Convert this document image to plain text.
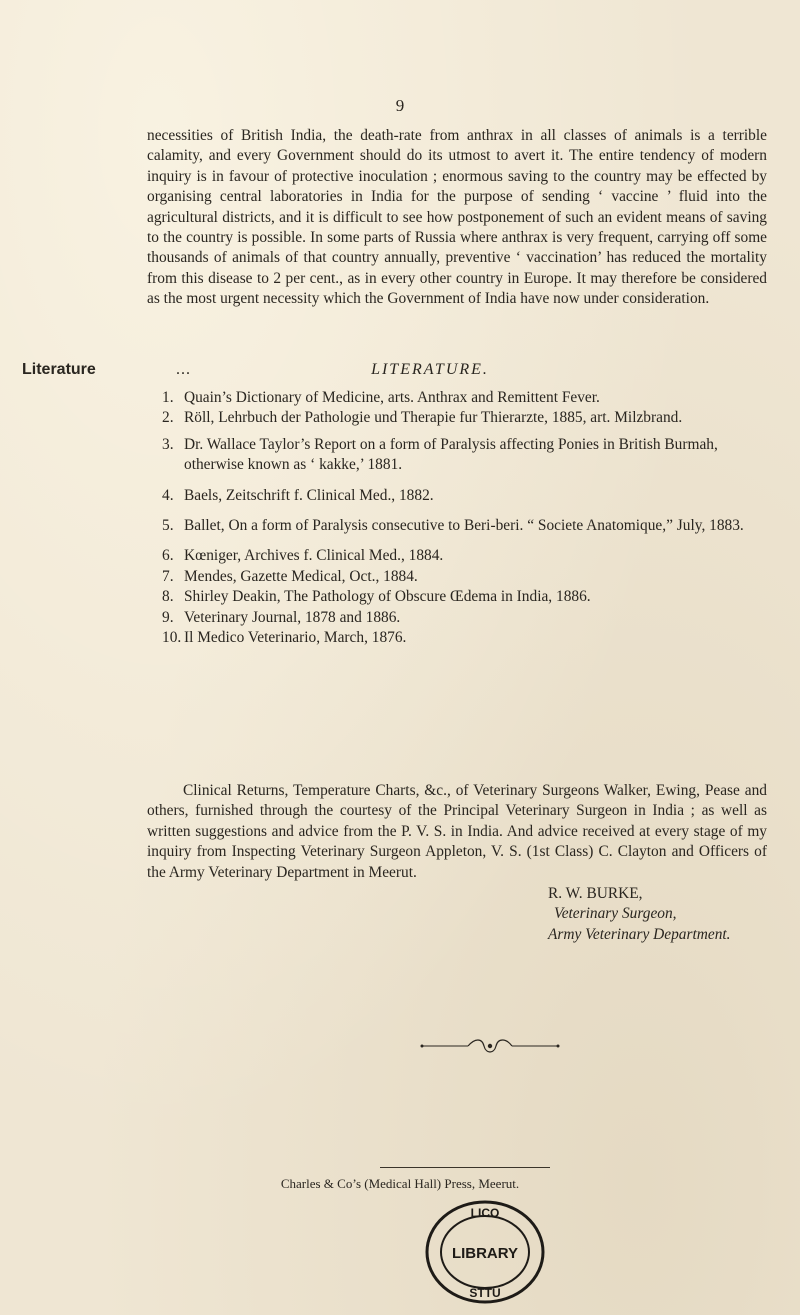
9

necessities of British India, the death-rate from anthrax in all classes of animals is a terrible calamity, and every Government should do its utmost to avert it. The entire tendency of modern inquiry is in favour of protective inoculation ; enormous saving to the country may be effected by organising central laboratories in India for the purpose of sending ‘ vaccine ’ fluid into the agricultural districts, and it is difficult to see how postponement of such an evident means of saving to the country is possible. In some parts of Russia where anthrax is very frequent, carrying off some thousands of animals of that country annually, preventive ‘ vaccination’ has reduced the mortality from this disease to 2 per cent., as in every other country in Europe. It may therefore be considered as the most urgent necessity which the Government of India have now under consideration.

Literature	...	LITERATURE.
1. Quain’s Dictionary of Medicine, arts. Anthrax and Remittent Fever.
2. Röll, Lehrbuch der Pathologie und Therapie fur Thierarzte, 1885, art. Milzbrand.
3. Dr. Wallace Taylor’s Report on a form of Paralysis affecting Ponies in British Burmah, otherwise known as ‘ kakke,’ 1881.
4. Baels, Zeitschrift f. Clinical Med., 1882.
5. Ballet, On a form of Paralysis consecutive to Beri-beri. “ Societe Anatomique,” July, 1883.
6. Kœniger, Archives f. Clinical Med., 1884.
7. Mendes, Gazette Medical, Oct., 1884.
8. Shirley Deakin, The Pathology of Obscure Œdema in India, 1886.
9. Veterinary Journal, 1878 and 1886.
10. Il Medico Veterinario, March, 1876.

Clinical Returns, Temperature Charts, &c., of Veterinary Surgeons Walker, Ewing, Pease and others, furnished through the courtesy of the Principal Veterinary Surgeon in India ; as well as written suggestions and advice from the P. V. S. in India. And advice received at every stage of my inquiry from Inspecting Veterinary Surgeon Appleton, V. S. (1st Class) C. Clayton and Officers of the Army Veterinary Department in Meerut.

R. W. BURKE,
Veterinary Surgeon,
Army Veterinary Department.
Charles & Co’s (Medical Hall) Press, Meerut.
LICO
LIBRARY
STTU
